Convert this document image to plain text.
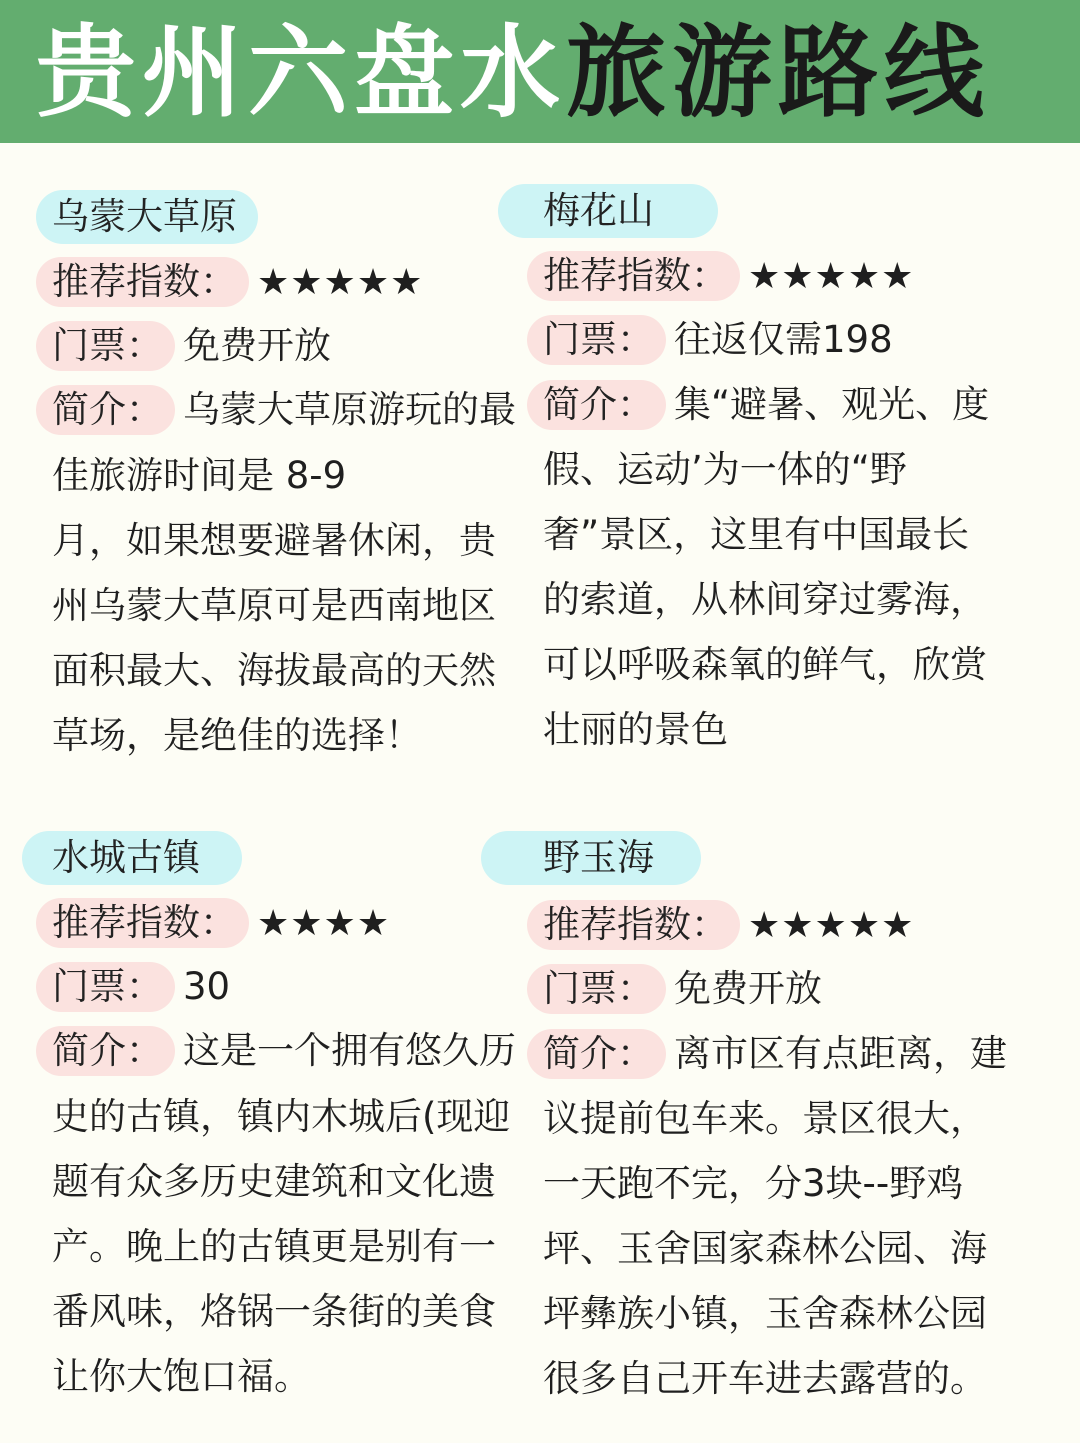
贵州六盘水旅游路线
乌蒙大草原
推荐指数： ★★★★★
门票： 免费开放
简介： 乌蒙大草原游玩的最
佳旅游时间是 8-9
月，如果想要避暑休闲，贵
州乌蒙大草原可是西南地区
面积最大、海拔最高的天然
草场，是绝佳的选择！
梅花山
推荐指数： ★★★★★
门票： 往返仅需198
简介： 集“避暑、观光、度
假、运动’为一体的“野
奢”景区，这里有中国最长
的索道，从林间穿过雾海，
可以呼吸森氧的鲜气，欣赏
壮丽的景色
水城古镇
推荐指数： ★★★★
门票： 30
简介： 这是一个拥有悠久历
史的古镇，镇内木城后(现迎
题有众多历史建筑和文化遗
产。晚上的古镇更是别有一
番风味，烙锅一条街的美食
让你大饱口福。
野玉海
推荐指数： ★★★★★
门票： 免费开放
简介： 离市区有点距离，建
议提前包车来。景区很大，
一天跑不完，分3块--野鸡
坪、玉舍国家森林公园、海
坪彝族小镇，玉舍森林公园
很多自己开车进去露营的。
